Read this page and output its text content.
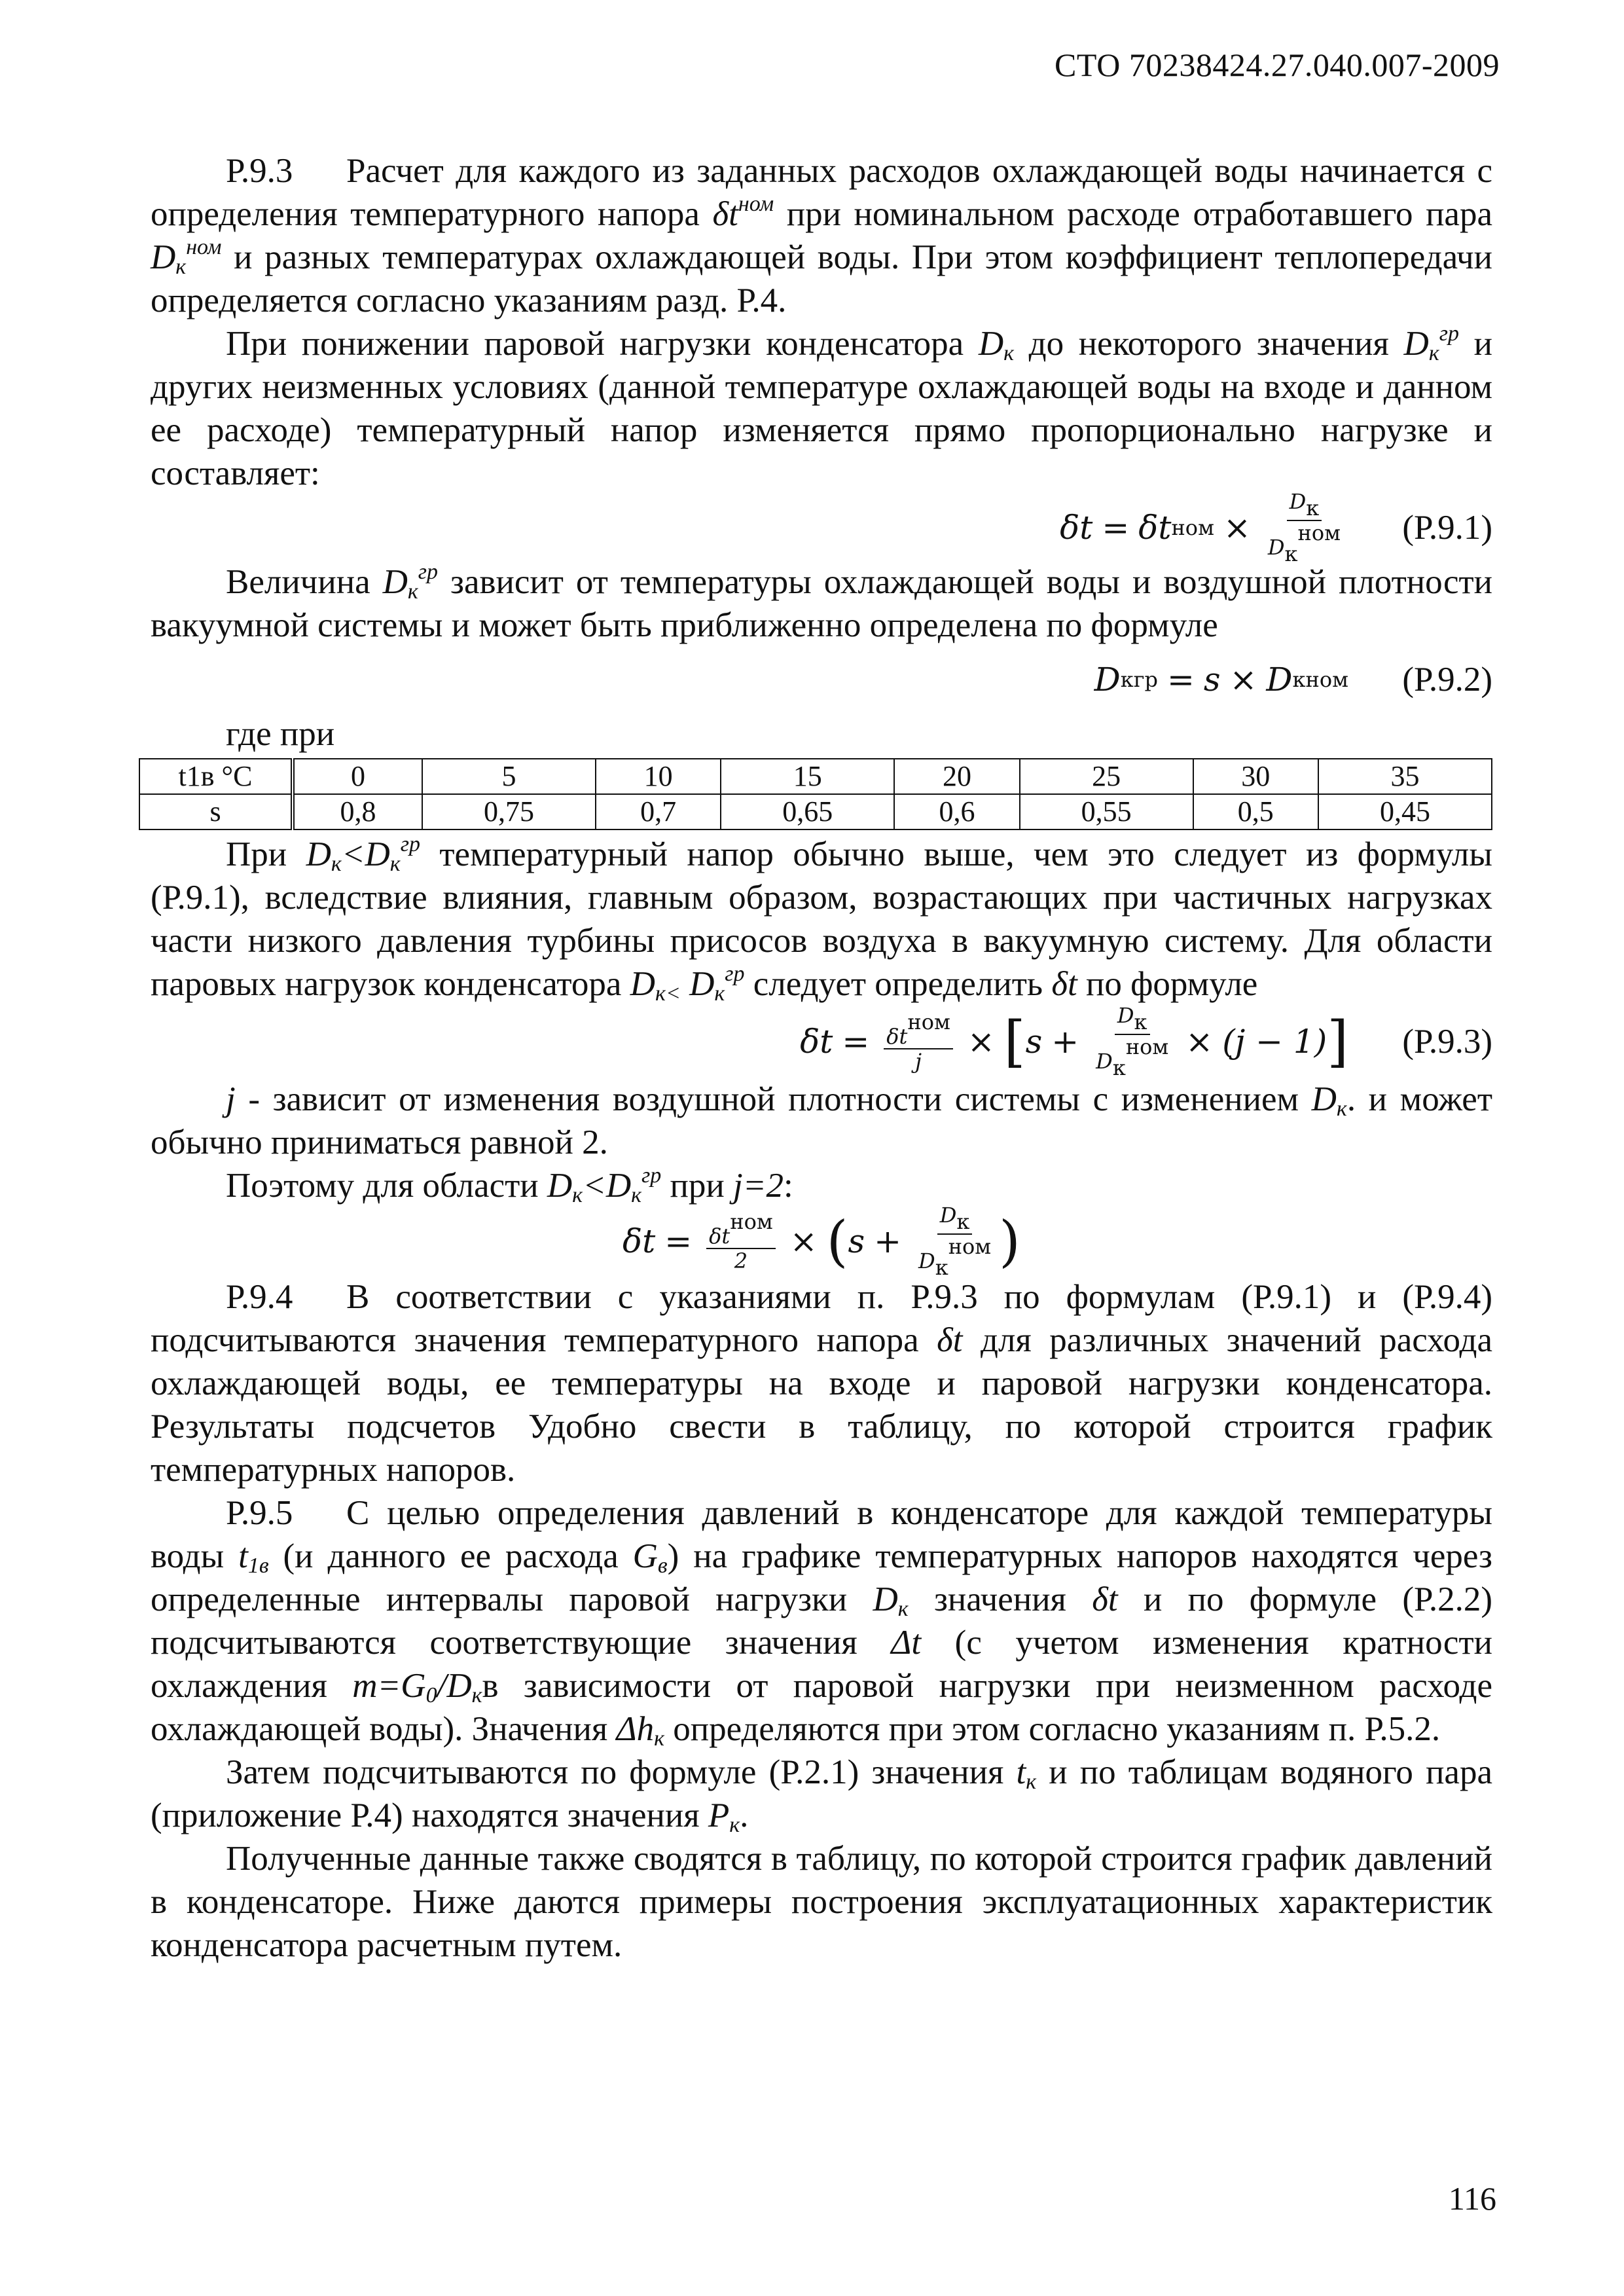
СТО 70238424.27.040.007-2009

Р.9.3 Расчет для каждого из заданных расходов охлаждающей воды начинается с определения температурного напора $\delta t^{ном}$ при номинальном расходе отработавшего пара $D_к^{ном}$ и разных температурах охлаждающей воды. При этом коэффициент теплопередачи определяется согласно указаниям разд. Р.4.

При понижении паровой нагрузки конденсатора $D_к$ до некоторого значения $D_к^{гр}$ и других неизменных условиях (данной температуре охлаждающей воды на входе и данном ее расходе) температурный напор изменяется прямо пропорционально нагрузке и составляет:

δt = δt ном × $\frac{Dк}{\text{Dкном}}$	(Р.9.1)

Величина $D_к^{гр}$ зависит от температуры охлаждающей воды и воздушной плотности вакуумной системы и может быть приближенно определена по формуле

D к гр = s × D к ном	(Р.9.2)

где при

t1в °C	0	5	10	15	20	25	30	35
s	0,8	0,75	0,7	0,65	0,6	0,55	0,5	0,45

При $D_к<D_к^{гр}$ температурный напор обычно выше, чем это следует из формулы (Р.9.1), вследствие влияния, главным образом, возрастающих при частичных нагрузках части низкого давления турбины присосов воздуха в вакуумную систему. Для области паровых нагрузок конденсатора $D_{к<}$ $D_к^{гр}$ следует определить δt по формуле

$\delta t = \frac{\text{δtном}}{j}$ × [ $s + \frac{Dк}{\text{Dкном}} \times (j - 1)$ ]	(Р.9.3)

j - зависит от изменения воздушной плотности системы с изменением $D_к$. и может обычно приниматься равной 2.

Поэтому для области $D_к<D_к^{гр}$ при j=2:

$\delta t = \frac{\text{δtном}}{2}$ × ( $s + \frac{Dк}{\text{Dкном}}$ )

Р.9.4 В соответствии с указаниями п. Р.9.3 по формулам (Р.9.1) и (Р.9.4) подсчитываются значения температурного напора δt для различных значений расхода охлаждающей воды, ее температуры на входе и паровой нагрузки конденсатора. Результаты подсчетов Удобно свести в таблицу, по которой строится график температурных напоров.

Р.9.5 С целью определения давлений в конденсаторе для каждой температуры воды $t_{1в}$ (и данного ее расхода $G_в$) на графике температурных напоров находятся через определенные интервалы паровой нагрузки $D_к$ значения δt и по формуле (Р.2.2) подсчитываются соответствующие значения Δt (с учетом изменения кратности охлаждения $m=G_0/D_кв$ зависимости от паровой нагрузки при неизменном расходе охлаждающей воды). Значения $\Delta h_к$ определяются при этом согласно указаниям п. Р.5.2.

Затем подсчитываются по формуле (Р.2.1) значения $t_к$ и по таблицам водяного пара (приложение Р.4) находятся значения $P_к$.

Полученные данные также сводятся в таблицу, по которой строится график давлений в конденсаторе. Ниже даются примеры построения эксплуатационных характеристик конденсатора расчетным путем.

116
